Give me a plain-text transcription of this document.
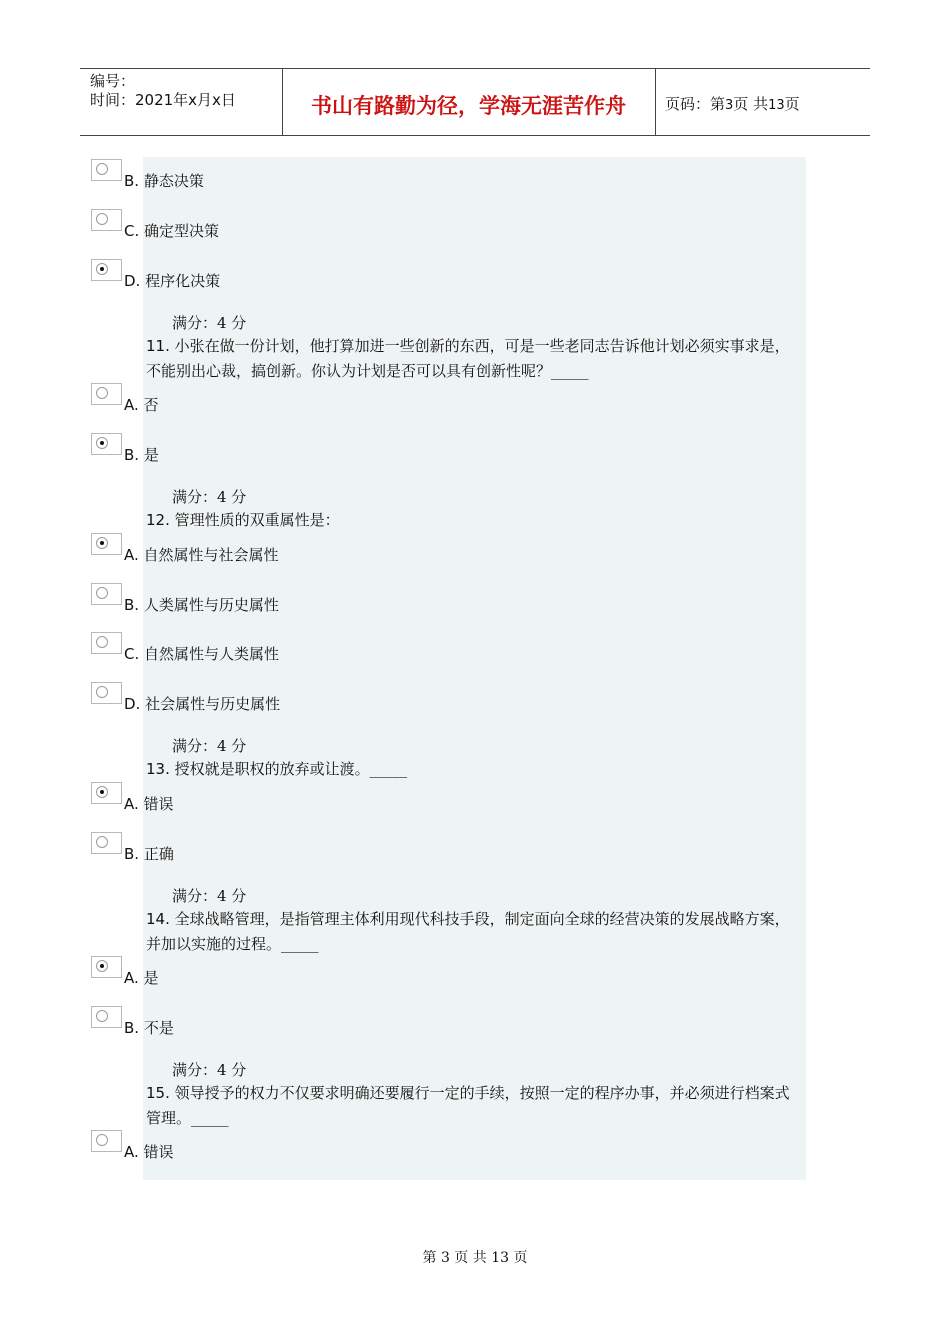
编号：
时间：2021年x月x日	书山有路勤为径，学海无涯苦作舟	页码：第3页 共13页
B. 静态决策
C. 确定型决策
D. 程序化决策
满分：4 分
11. 小张在做一份计划，他打算加进一些创新的东西，可是一些老同志告诉他计划必须实事求是，不能别出心裁，搞创新。你认为计划是否可以具有创新性呢？_____
A. 否
B. 是
满分：4 分
12. 管理性质的双重属性是：
A. 自然属性与社会属性
B. 人类属性与历史属性
C. 自然属性与人类属性
D. 社会属性与历史属性
满分：4 分
13. 授权就是职权的放弃或让渡。_____
A. 错误
B. 正确
满分：4 分
14. 全球战略管理，是指管理主体利用现代科技手段，制定面向全球的经营决策的发展战略方案，并加以实施的过程。_____
A. 是
B. 不是
满分：4 分
15. 领导授予的权力不仅要求明确还要履行一定的手续，按照一定的程序办事，并必须进行档案式管理。_____
A. 错误
第 3 页 共 13 页
